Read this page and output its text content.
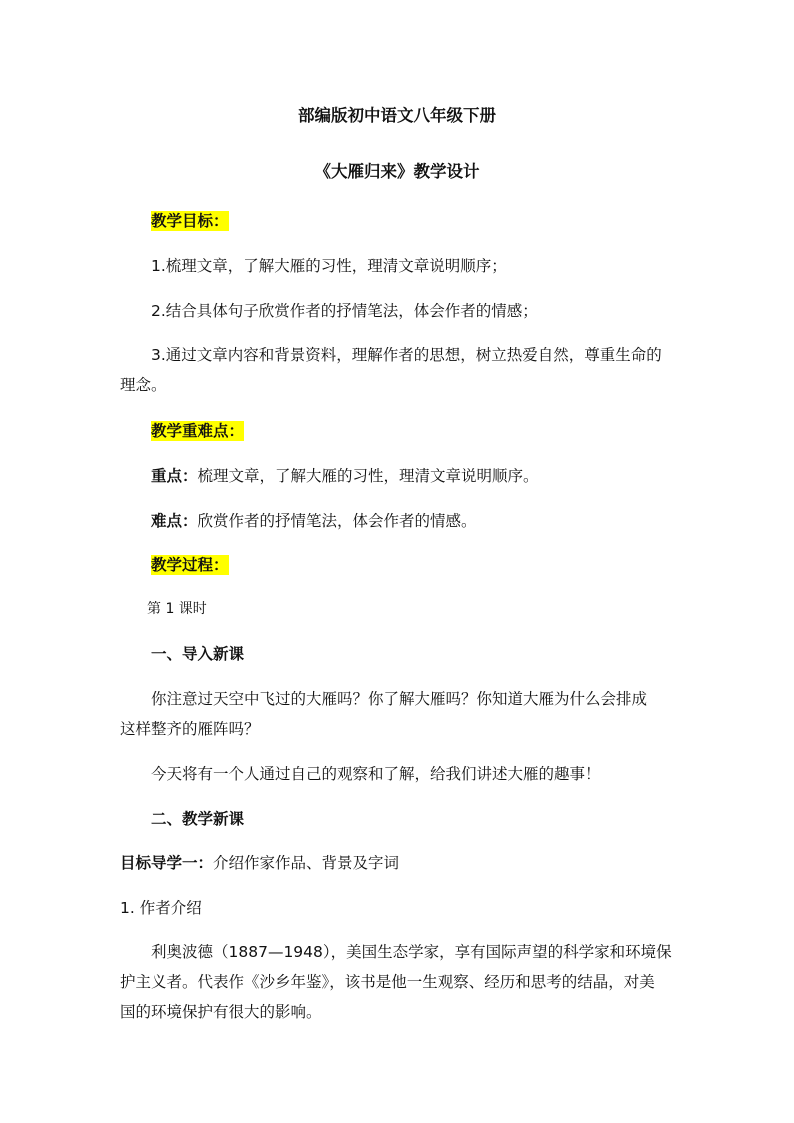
部编版初中语文八年级下册
《大雁归来》教学设计
教学目标：
1.梳理文章，了解大雁的习性，理清文章说明顺序；
2.结合具体句子欣赏作者的抒情笔法，体会作者的情感；
3.通过文章内容和背景资料，理解作者的思想，树立热爱自然，尊重生命的
理念。
教学重难点：
重点：梳理文章，了解大雁的习性，理清文章说明顺序。
难点：欣赏作者的抒情笔法，体会作者的情感。
教学过程：
第 1 课时
一、导入新课
你注意过天空中飞过的大雁吗？你了解大雁吗？你知道大雁为什么会排成
这样整齐的雁阵吗？
今天将有一个人通过自己的观察和了解，给我们讲述大雁的趣事！
二、教学新课
目标导学一：介绍作家作品、背景及字词
1. 作者介绍
利奥波德（1887—1948），美国生态学家，享有国际声望的科学家和环境保
护主义者。代表作《沙乡年鉴》，该书是他一生观察、经历和思考的结晶，对美
国的环境保护有很大的影响。
